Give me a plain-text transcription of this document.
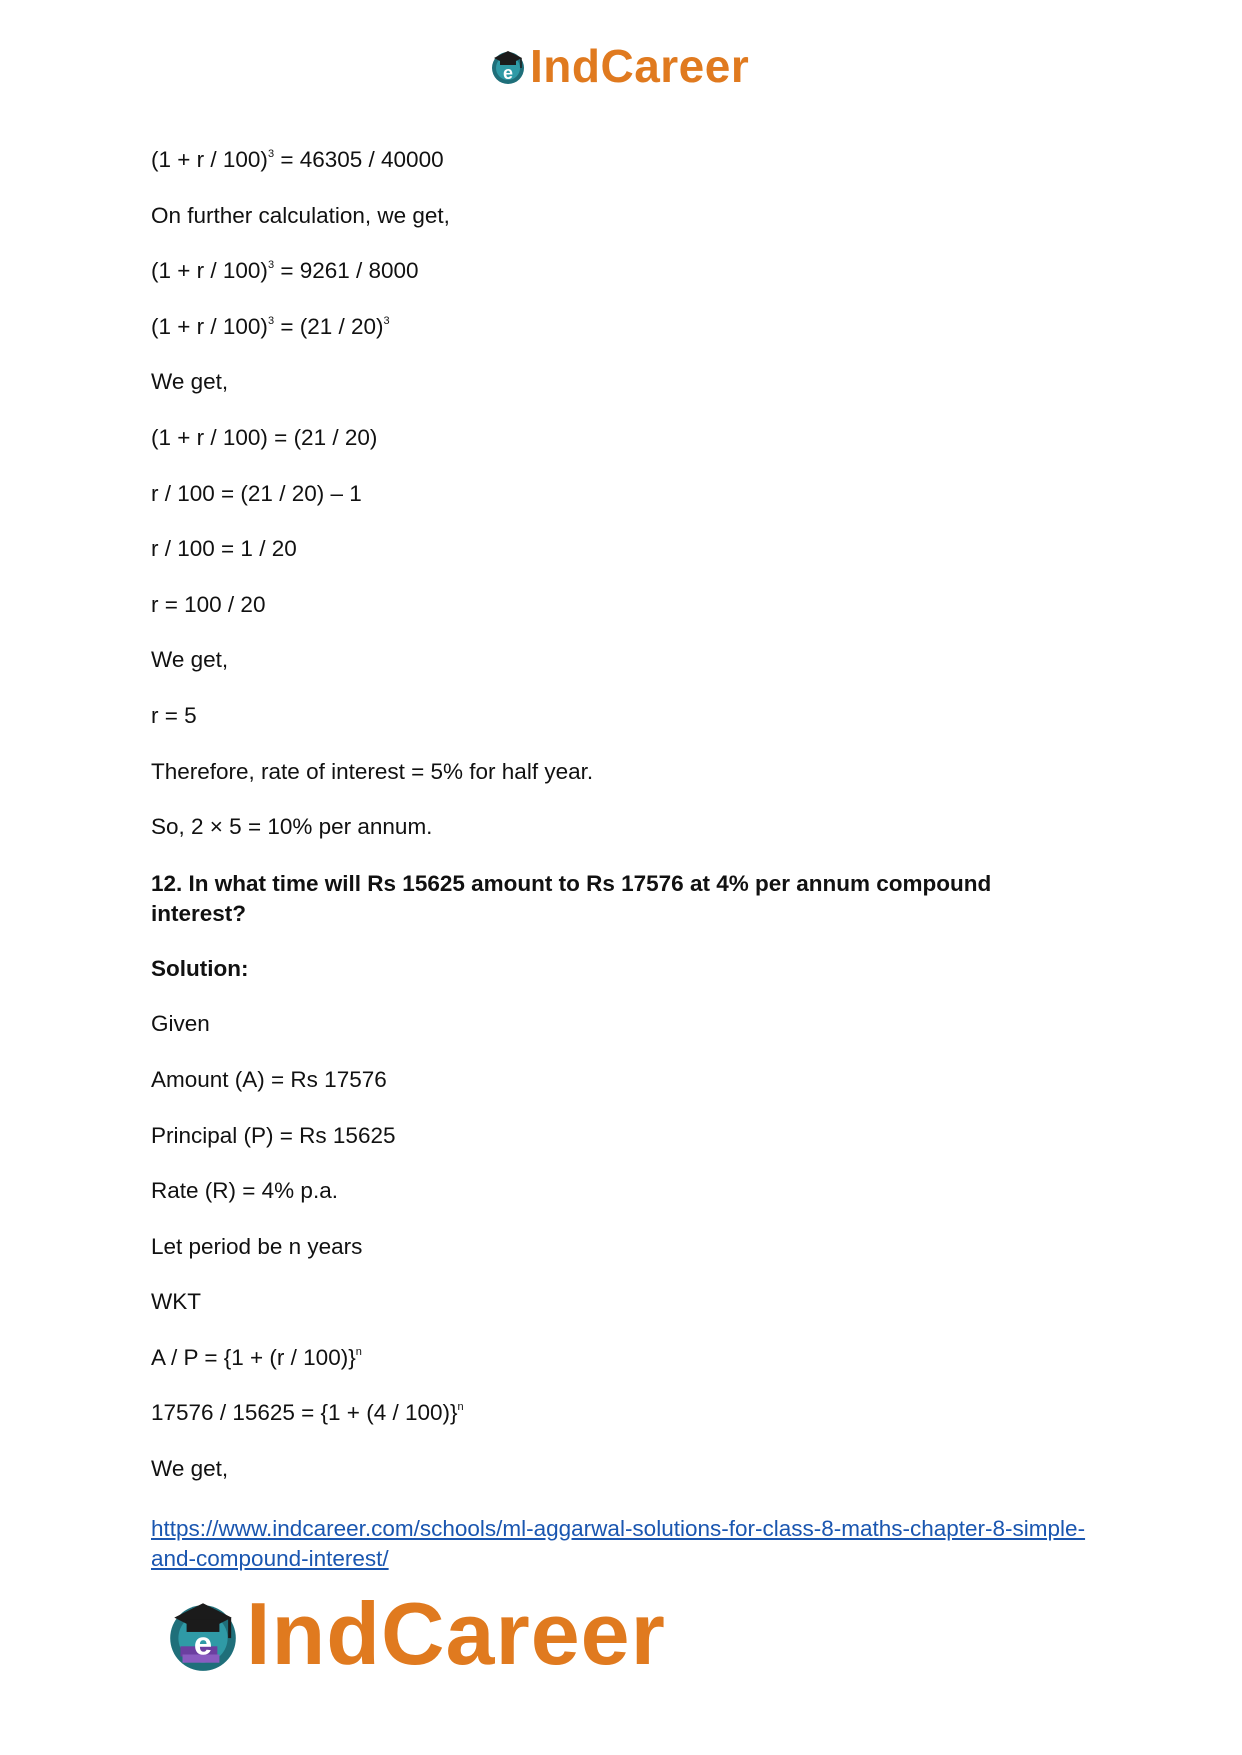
e IndCareer

$(1 + r / 100)^3 = 46305 / 40000$

On further calculation, we get,

$(1 + r / 100)^3 = 9261 / 8000$

$(1 + r / 100)^3 = (21 / 20)^3$

We get,

(1 + r / 100) = (21 / 20)

r / 100 = (21 / 20) – 1

r / 100 = 1 / 20

r = 100 / 20

We get,

r = 5

Therefore, rate of interest = 5% for half year.

So, 2 × 5 = 10% per annum.

12. In what time will Rs 15625 amount to Rs 17576 at 4% per annum compound interest?

Solution:

Given

Amount (A) = Rs 17576

Principal (P) = Rs 15625

Rate (R) = 4% p.a.

Let period be n years

WKT

$A / P = \{1 + (r / 100)\}^n$

$17576 / 15625 = \{1 + (4 / 100)\}^n$

We get,

https://www.indcareer.com/schools/ml-aggarwal-solutions-for-class-8-maths-chapter-8-simple-and-compound-interest/
e IndCareer
